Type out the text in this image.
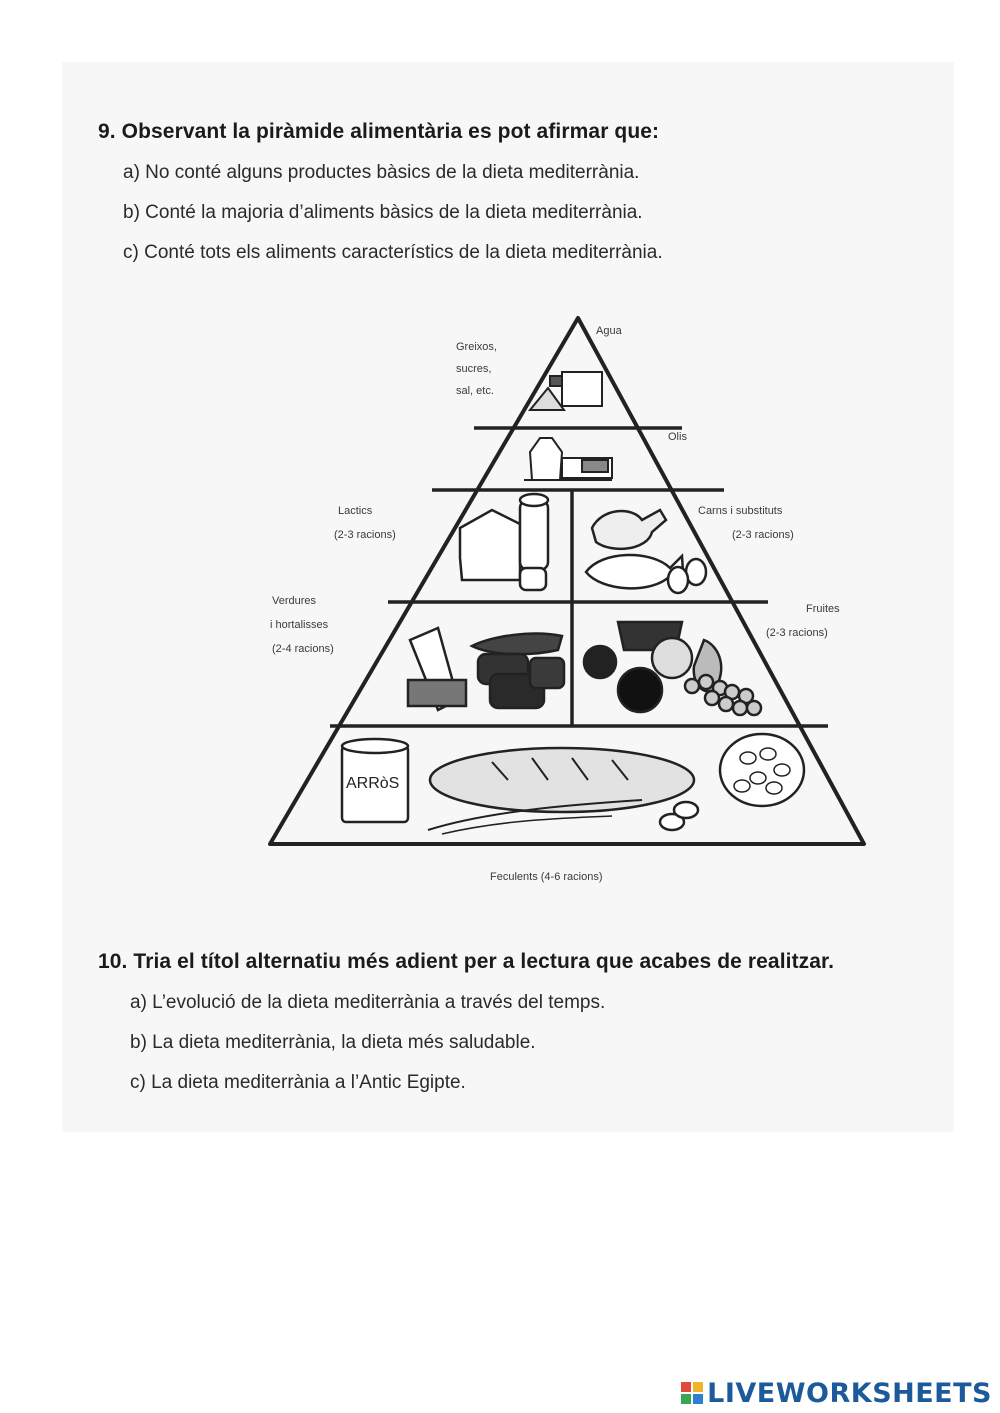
9. Observant la piràmide alimentària es pot afirmar que:
a) No conté alguns productes bàsics de la dieta mediterrània.
b) Conté la majoria d’aliments bàsics de la dieta mediterrània.
c) Conté tots els aliments característics de la dieta mediterrània.
ARRòS
Agua
Greixos,
sucres,
sal, etc.
Olis
Lactics
(2-3 racions)
Carns i substituts
(2-3 racions)
Verdures
i hortalisses
(2-4 racions)
Fruites
(2-3 racions)
Feculents (4-6 racions)
10. Tria el títol alternatiu més adient per a lectura que acabes de realitzar.
a) L’evolució de la dieta mediterrània a través del temps.
b) La dieta mediterrània, la dieta més saludable.
c) La dieta mediterrània a l’Antic Egipte.
LIVEWORKSHEETS
